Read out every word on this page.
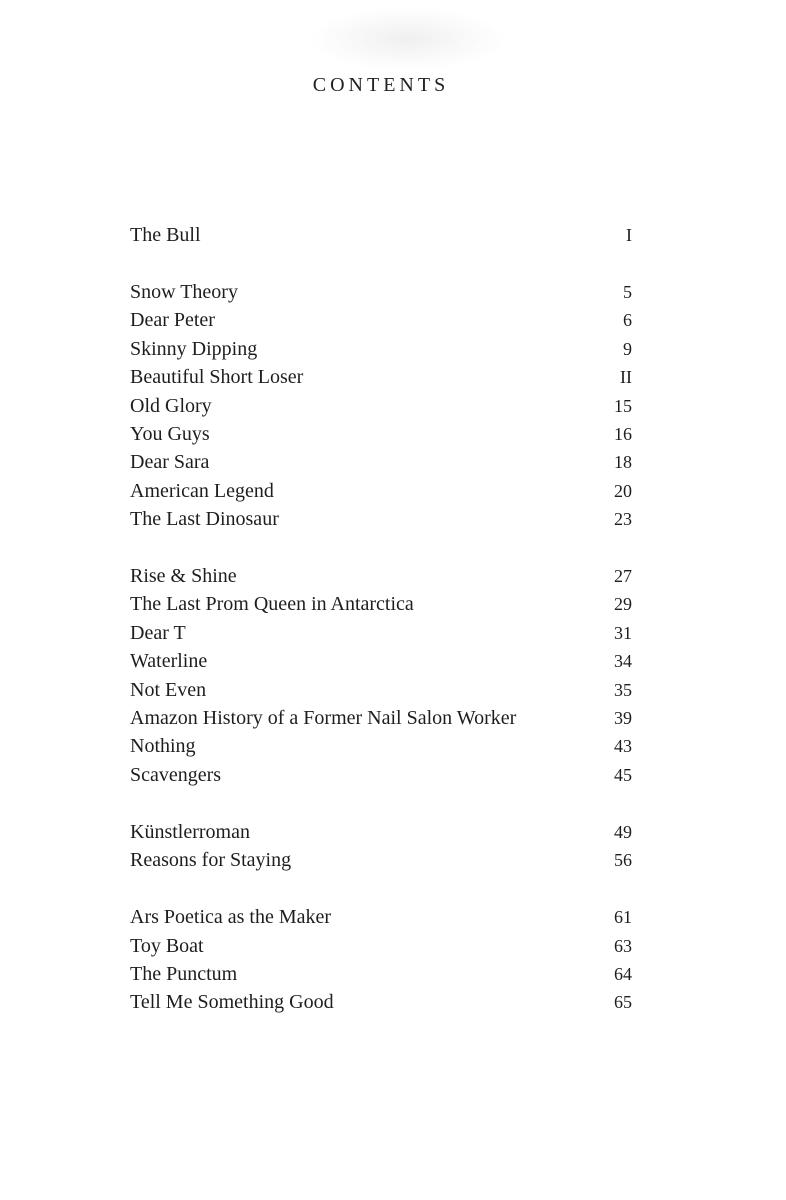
CONTENTS
The Bull	I
Snow Theory	5
Dear Peter	6
Skinny Dipping	9
Beautiful Short Loser	II
Old Glory	15
You Guys	16
Dear Sara	18
American Legend	20
The Last Dinosaur	23
Rise & Shine	27
The Last Prom Queen in Antarctica	29
Dear T	31
Waterline	34
Not Even	35
Amazon History of a Former Nail Salon Worker	39
Nothing	43
Scavengers	45
Künstlerroman	49
Reasons for Staying	56
Ars Poetica as the Maker	61
Toy Boat	63
The Punctum	64
Tell Me Something Good	65
